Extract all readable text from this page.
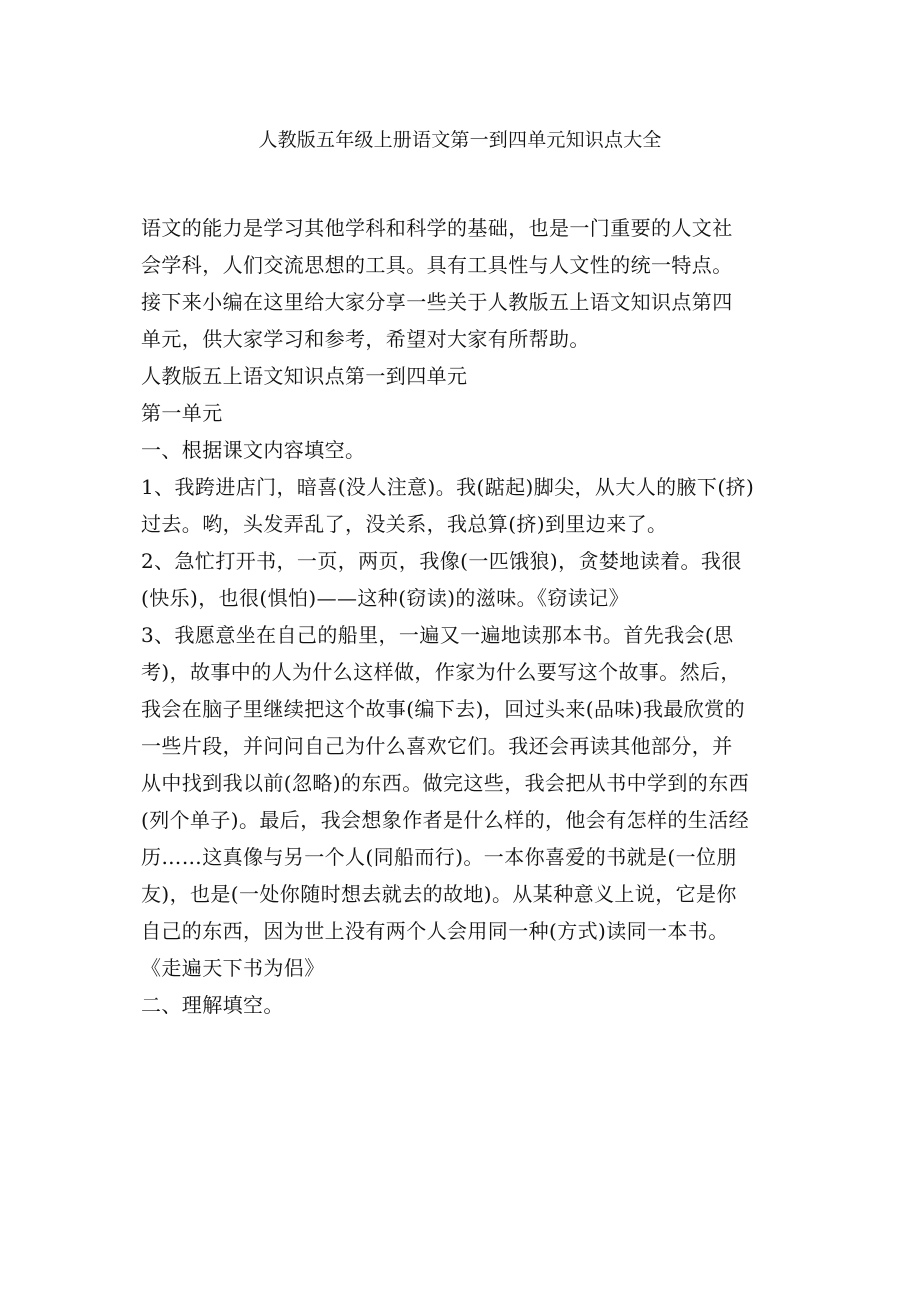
人教版五年级上册语文第一到四单元知识点大全
语文的能力是学习其他学科和科学的基础，也是一门重要的人文社
会学科，人们交流思想的工具。具有工具性与人文性的统一特点。
接下来小编在这里给大家分享一些关于人教版五上语文知识点第四
单元，供大家学习和参考，希望对大家有所帮助。
人教版五上语文知识点第一到四单元
第一单元
一、根据课文内容填空。
1、我跨进店门，暗喜(没人注意)。我(踮起)脚尖，从大人的腋下(挤)
过去。哟，头发弄乱了，没关系，我总算(挤)到里边来了。
2、急忙打开书，一页，两页，我像(一匹饿狼)，贪婪地读着。我很
(快乐)，也很(惧怕)——这种(窃读)的滋味。《窃读记》
3、我愿意坐在自己的船里，一遍又一遍地读那本书。首先我会(思
考)，故事中的人为什么这样做，作家为什么要写这个故事。然后，
我会在脑子里继续把这个故事(编下去)，回过头来(品味)我最欣赏的
一些片段，并问问自己为什么喜欢它们。我还会再读其他部分，并
从中找到我以前(忽略)的东西。做完这些，我会把从书中学到的东西
(列个单子)。最后，我会想象作者是什么样的，他会有怎样的生活经
历……这真像与另一个人(同船而行)。一本你喜爱的书就是(一位朋
友)，也是(一处你随时想去就去的故地)。从某种意义上说，它是你
自己的东西，因为世上没有两个人会用同一种(方式)读同一本书。
《走遍天下书为侣》
二、理解填空。
